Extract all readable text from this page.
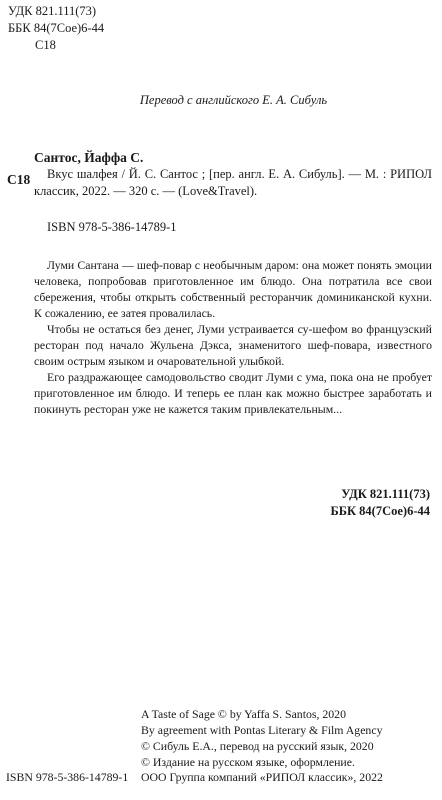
УДК 821.111(73)
ББК 84(7Сое)6-44
С18
Перевод с английского Е. А. Сибуль
Сантос, Йаффа С.
С18	Вкус шалфея / Й. С. Сантос ; [пер. англ. Е. А. Сибуль]. — М. : РИПОЛ классик, 2022. — 320 с. — (Love&Travel).
ISBN 978-5-386-14789-1

Луми Сантана — шеф-повар с необычным даром: она может понять эмоции человека, попробовав приготовленное им блюдо. Она потратила все свои сбережения, чтобы открыть собственный ресторанчик доминиканской кухни. К сожалению, ее затея провалилась.

Чтобы не остаться без денег, Луми устраивается су-шефом во французский ресторан под начало Жульена Дэкса, знаменитого шеф-повара, известного своим острым языком и очаровательной улыбкой.

Его раздражающее самодовольство сводит Луми с ума, пока она не пробует приготовленное им блюдо. И теперь ее план как можно быстрее заработать и покинуть ресторан уже не кажется таким привлекательным...

УДК 821.111(73)
ББК 84(7Сое)6-44
A Taste of Sage © by Yaffa S. Santos, 2020
By agreement with Pontas Literary & Film Agency
© Сибуль Е.А., перевод на русский язык, 2020
© Издание на русском языке, оформление.
ISBN 978-5-386-14789-1 ООО Группа компаний «РИПОЛ классик», 2022
